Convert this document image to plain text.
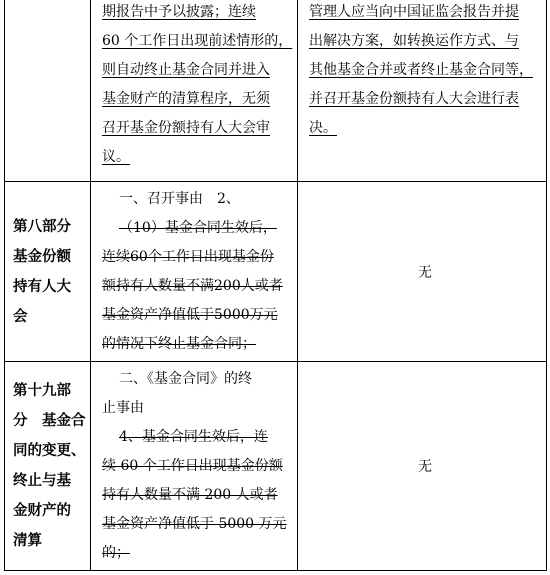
期报告中予以披露；连续
60 个工作日出现前述情形的，
则自动终止基金合同并进入
基金财产的清算程序，无须
召开基金份额持有人大会审
议。
管理人应当向中国证监会报告并提
出解决方案，如转换运作方式、与
其他基金合并或者终止基金合同等，
并召开基金份额持有人大会进行表
决。
第八部分
基金份额
持有人大
会
一、召开事由　2、
（10）基金合同生效后，
连续60个工作日出现基金份
额持有人数量不满200人或者
基金资产净值低于5000万元
的情况下终止基金合同；
无
第十九部
分　基金合
同的变更、
终止与基
金财产的
清算
二、《基金合同》的终
止事由
4、基金合同生效后，连
续 60 个工作日出现基金份额
持有人数量不满 200 人或者
基金资产净值低于 5000 万元
的；
无
